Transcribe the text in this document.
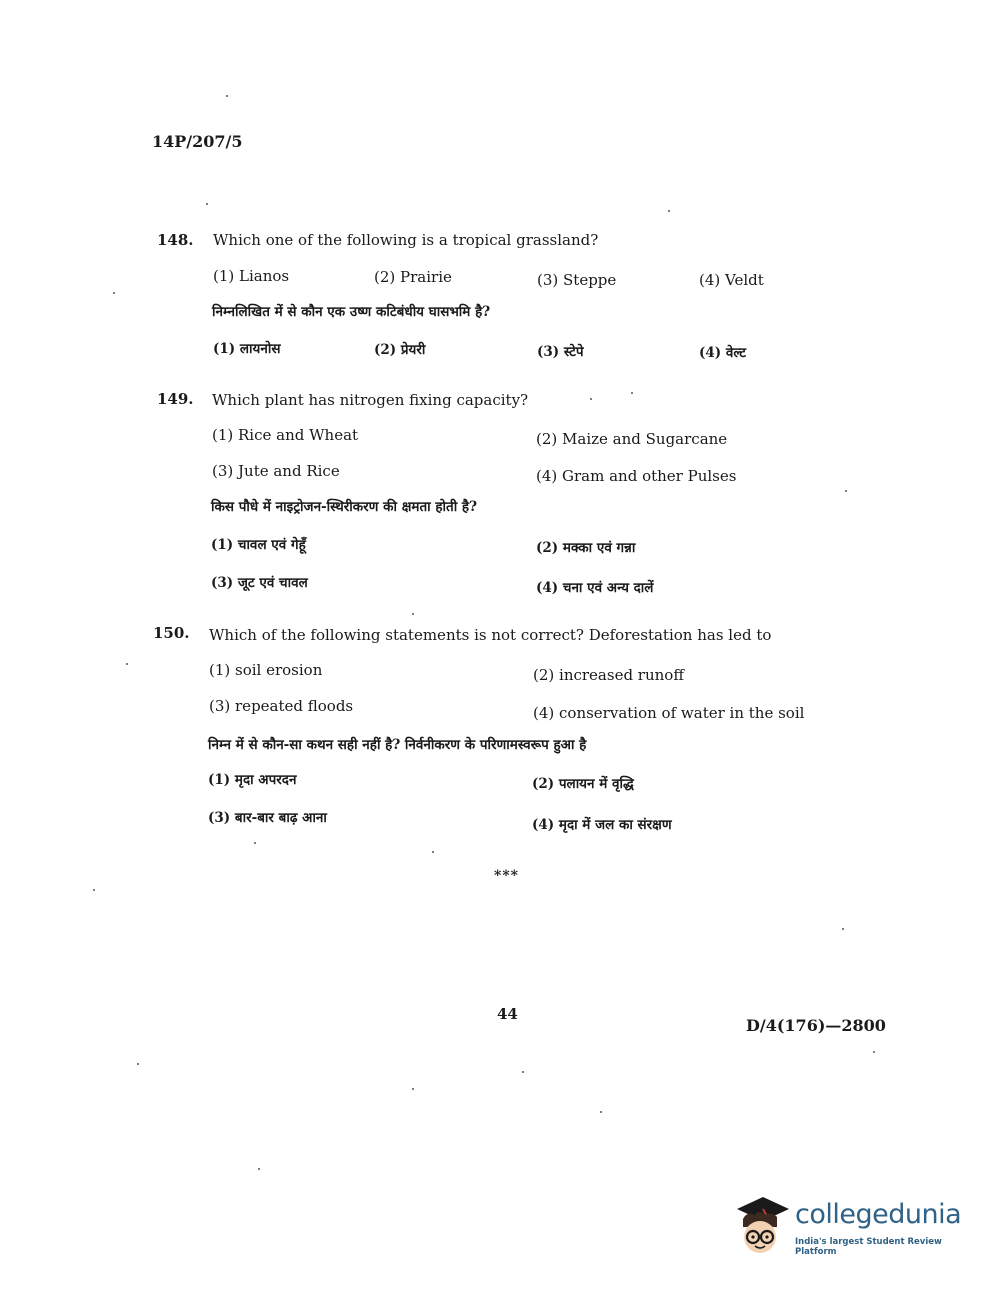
14P/207/5
148. Which one of the following is a tropical grassland?
(1) Lianos	(2) Prairie	(3) Steppe	(4) Veldt
निम्नलिखित में से कौन एक उष्ण कटिबंधीय घासभमि है?
(1) लायनोस	(2) प्रेयरी	(3) स्टेपे	(4) वेल्ट
149. Which plant has nitrogen fixing capacity?
(1) Rice and Wheat	(2) Maize and Sugarcane
(3) Jute and Rice	(4) Gram and other Pulses
किस पौधे में नाइट्रोजन-स्थिरीकरण की क्षमता होती है?
(1) चावल एवं गेहूँ	(2) मक्का एवं गन्ना
(3) जूट एवं चावल	(4) चना एवं अन्य दालें
150. Which of the following statements is not correct? Deforestation has led to
(1) soil erosion	(2) increased runoff
(3) repeated floods	(4) conservation of water in the soil
निम्न में से कौन-सा कथन सही नहीं है? निर्वनीकरण के परिणामस्वरूप हुआ है
(1) मृदा अपरदन	(2) पलायन में वृद्धि
(3) बार-बार बाढ़ आना	(4) मृदा में जल का संरक्षण
***
44
D/4(176)—2800
collegedunia
India's largest Student Review Platform
